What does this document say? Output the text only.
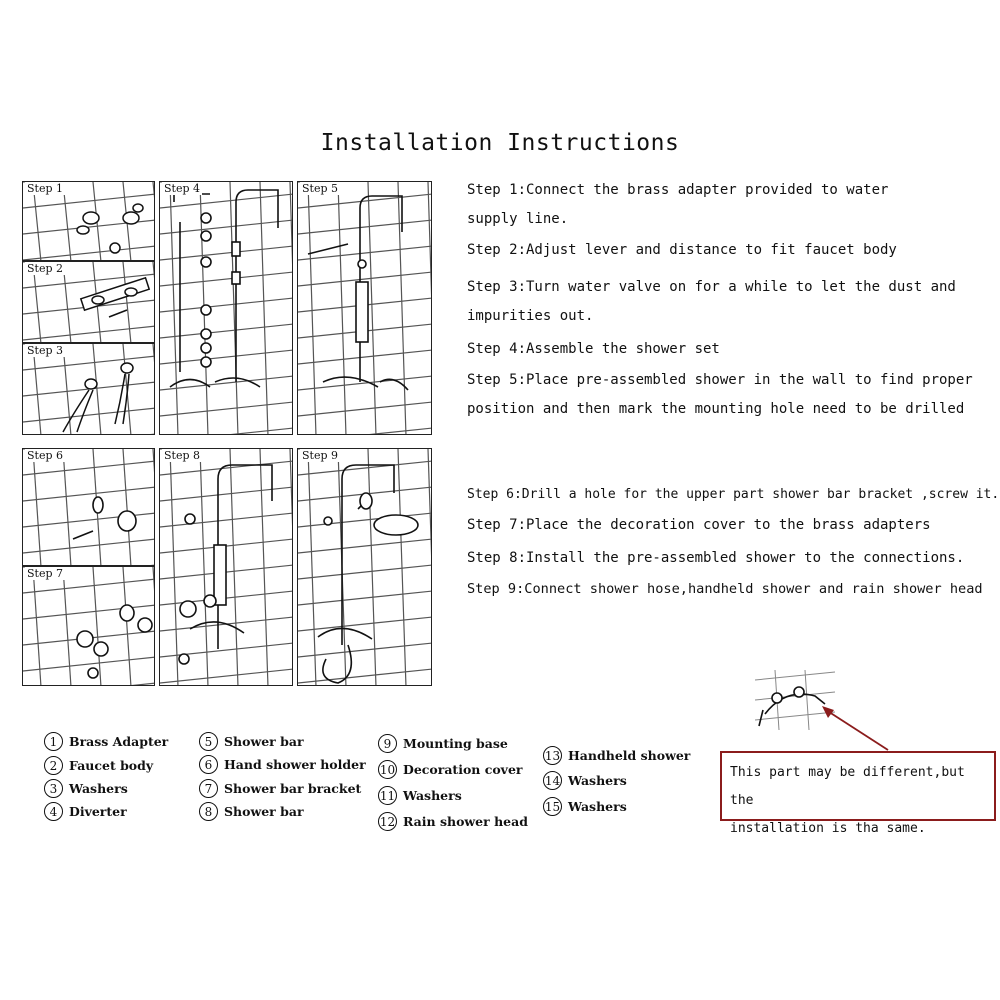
Installation Instructions
Step 1
Step 2
Step 3
Step 4	Step 5
Step 6
Step 7
Step 8	Step 9
Step 1:Connect the brass adapter provided to water
supply line.
Step 2:Adjust lever and distance to fit faucet body
Step 3:Turn water valve on for a while to let the dust and
impurities out.
Step 4:Assemble the shower set
Step 5:Place pre-assembled shower in the wall to find proper
position and then mark the mounting hole need to be drilled
Step 6:Drill a hole for the upper part shower bar bracket ,screw it.
Step 7:Place the decoration cover to the brass adapters
Step 8:Install the pre-assembled shower to the connections.
Step 9:Connect shower hose,handheld shower and rain shower head
1 Brass Adapter
2 Faucet body
3 Washers
4 Diverter
5 Shower bar
6 Hand shower holder
7 Shower bar bracket
8 Shower bar
9 Mounting base
10 Decoration cover
11 Washers
12 Rain shower head
13 Handheld shower
14 Washers
15 Washers
This part may be different,but the
installation is tha same.
